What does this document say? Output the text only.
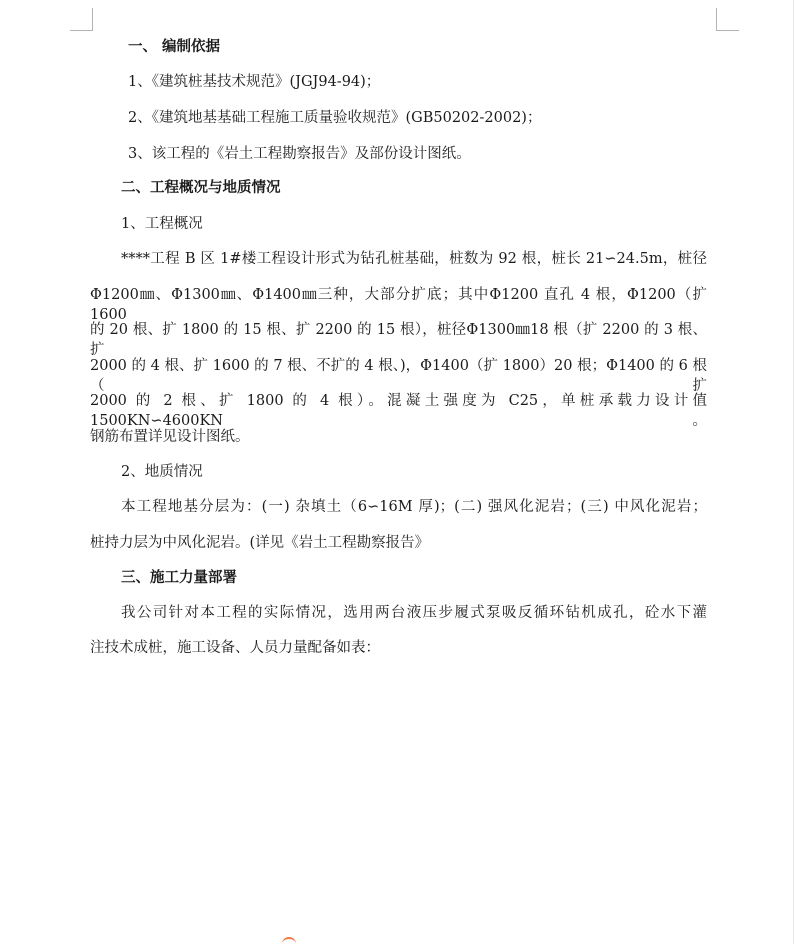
一、 编制依据
1、《建筑桩基技术规范》(JGJ94-94)；
2、《建筑地基基础工程施工质量验收规范》(GB50202-2002)；
3、该工程的《岩土工程勘察报告》及部份设计图纸。
二、工程概况与地质情况
1、工程概况
****工程 B 区 1#楼工程设计形式为钻孔桩基础，桩数为 92 根，桩长 21∽24.5m，桩径
Φ1200㎜、Φ1300㎜、Φ1400㎜三种，大部分扩底；其中Φ1200 直孔 4 根，Φ1200（扩 1600
的 20 根、扩 1800 的 15 根、扩 2200 的 15 根），桩径Φ1300㎜18 根（扩 2200 的 3 根、扩
2000 的 4 根、扩 1600 的 7 根、不扩的 4 根、)，Φ1400（扩 1800）20 根；Φ1400 的 6 根（扩
2000 的 2 根、扩 1800 的 4 根）。混凝土强度为 C25，单桩承载力设计值 1500KN∽4600KN。
钢筋布置详见设计图纸。
2、地质情况
本工程地基分层为：(一) 杂填土（6∽16M 厚)；(二) 强风化泥岩；(三) 中风化泥岩；
桩持力层为中风化泥岩。(详见《岩土工程勘察报告》
三、施工力量部署
我公司针对本工程的实际情况，选用两台液压步履式泵吸反循环钻机成孔，砼水下灌
注技术成桩，施工设备、人员力量配备如表：
